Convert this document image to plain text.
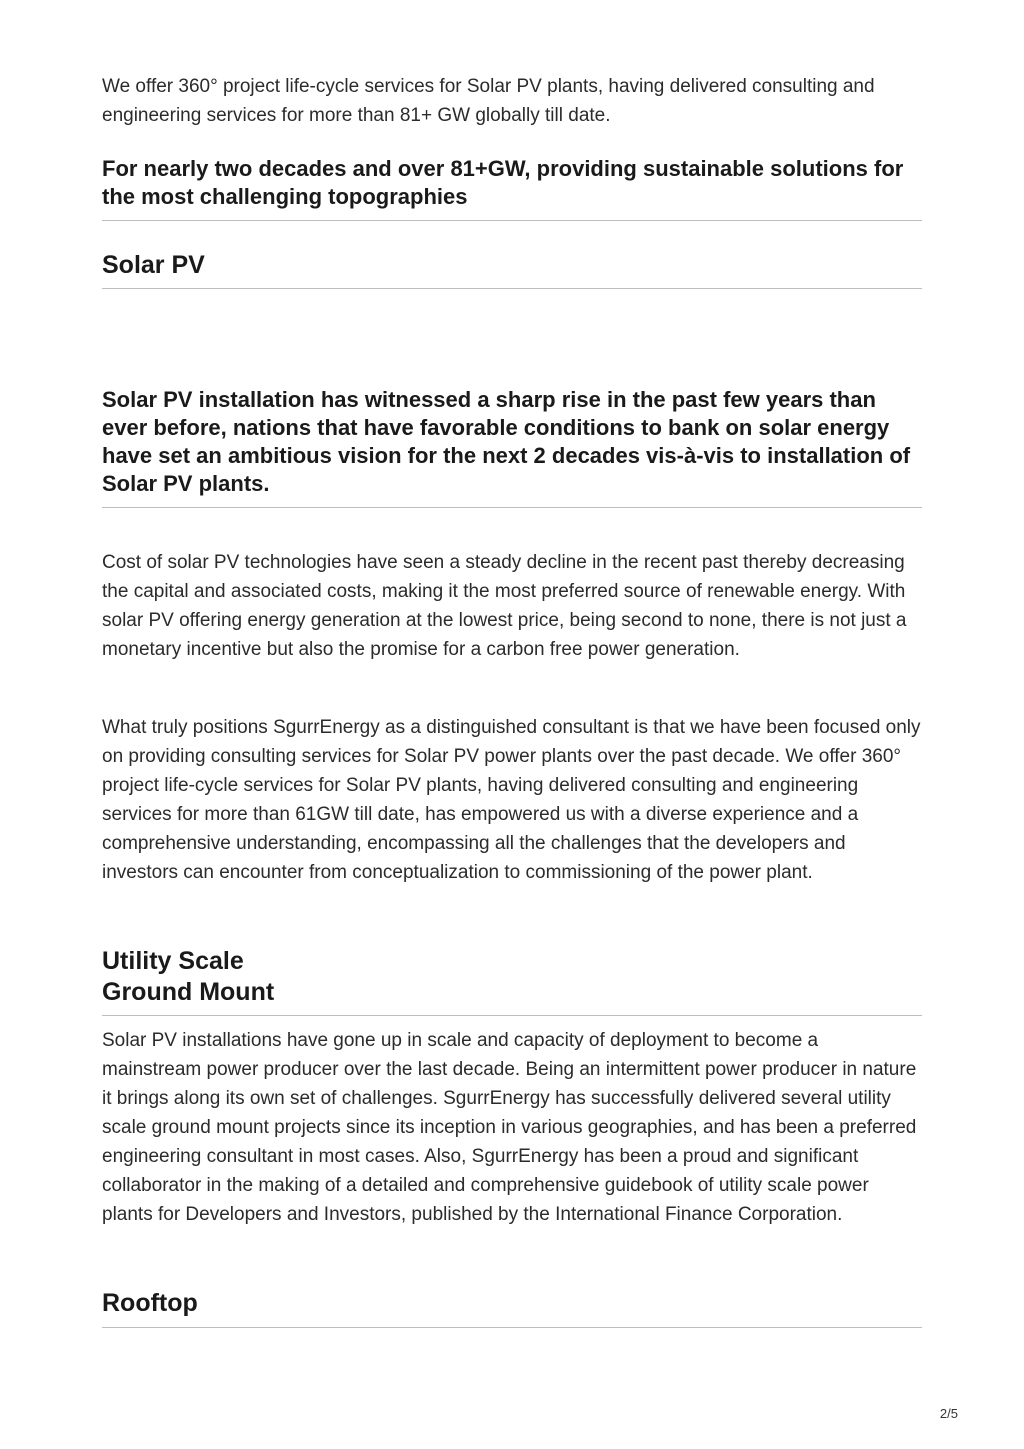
We offer 360° project life-cycle services for Solar PV plants, having delivered consulting and engineering services for more than 81+ GW globally till date.

For nearly two decades and over 81+GW, providing sustainable solutions for the most challenging topographies

Solar PV

Solar PV installation has witnessed a sharp rise in the past few years than ever before, nations that have favorable conditions to bank on solar energy have set an ambitious vision for the next 2 decades vis-à-vis to installation of Solar PV plants.

Cost of solar PV technologies have seen a steady decline in the recent past thereby decreasing the capital and associated costs, making it the most preferred source of renewable energy. With solar PV offering energy generation at the lowest price, being second to none, there is not just a monetary incentive but also the promise for a carbon free power generation.

What truly positions SgurrEnergy as a distinguished consultant is that we have been focused only on providing consulting services for Solar PV power plants over the past decade. We offer 360° project life-cycle services for Solar PV plants, having delivered consulting and engineering services for more than 61GW till date, has empowered us with a diverse experience and a comprehensive understanding, encompassing all the challenges that the developers and investors can encounter from conceptualization to commissioning of the power plant.

Utility Scale
Ground Mount

Solar PV installations have gone up in scale and capacity of deployment to become a mainstream power producer over the last decade. Being an intermittent power producer in nature it brings along its own set of challenges. SgurrEnergy has successfully delivered several utility scale ground mount projects since its inception in various geographies, and has been a preferred engineering consultant in most cases. Also, SgurrEnergy has been a proud and significant collaborator in the making of a detailed and comprehensive guidebook of utility scale power plants for Developers and Investors, published by the International Finance Corporation.

Rooftop
2/5
